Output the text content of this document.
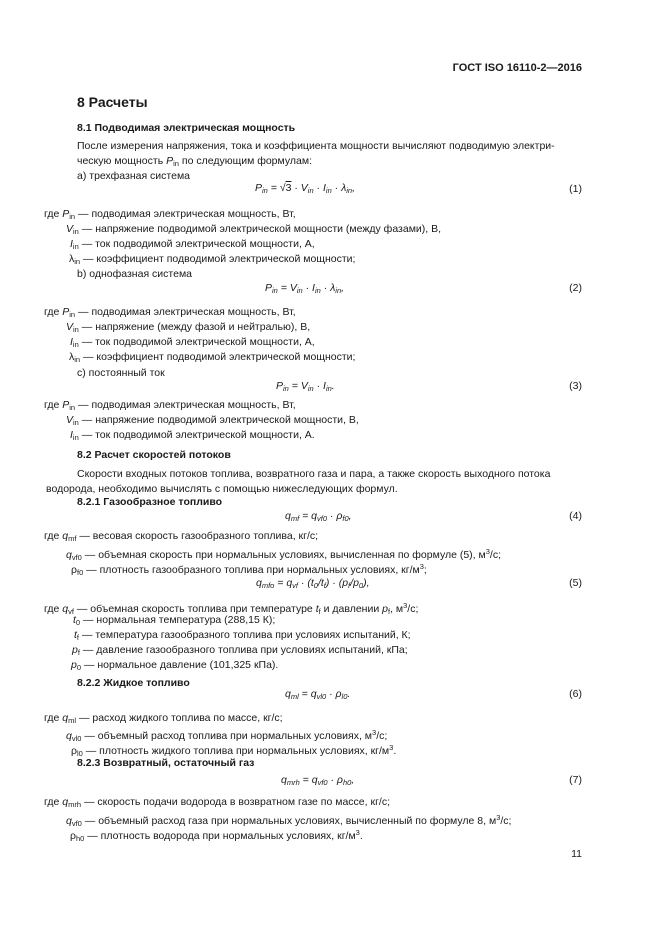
ГОСТ ISO 16110-2—2016
8 Расчеты
8.1 Подводимая электрическая мощность
После измерения напряжения, тока и коэффициента мощности вычисляют подводимую электри-
ческую мощность $P_{in}$ по следующим формулам:
а) трехфазная система
$P_{in} = √3 \cdot V_{in} \cdot I_{in} \cdot \lambda_{in}$,	(1)
где $P_{in}$ — подводимая электрическая мощность, Вт,
$V_{in}$ — напряжение подводимой электрической мощности (между фазами), В,
$I_{in}$ — ток подводимой электрической мощности, А,
$\lambda_{in}$ — коэффициент подводимой электрической мощности;
b) однофазная система
$P_{in} = V_{in} \cdot I_{in} \cdot \lambda_{in}$,	(2)
где $P_{in}$ — подводимая электрическая мощность, Вт,
$V_{in}$ — напряжение (между фазой и нейтралью), В,
$I_{in}$ — ток подводимой электрической мощности, А,
$\lambda_{in}$ — коэффициент подводимой электрической мощности;
с) постоянный ток
$P_{in} = V_{in} \cdot I_{in}$.	(3)
где $P_{in}$ — подводимая электрическая мощность, Вт,
$V_{in}$ — напряжение подводимой электрической мощности, В,
$I_{in}$ — ток подводимой электрической мощности, А.
8.2 Расчет скоростей потоков
Скорости входных потоков топлива, возвратного газа и пара, а также скорость выходного потока
водорода, необходимо вычислять с помощью нижеследующих формул.
8.2.1 Газообразное топливо
$q_{mf} = q_{vf0} \cdot \rho_{f0}$,	(4)
где $q_{mf}$ — весовая скорость газообразного топлива, кг/с;
$q_{vf0}$ — объемная скорость при нормальных условиях, вычисленная по формуле (5), $м^3/с$;
$\rho_{f0}$ — плотность газообразного топлива при нормальных условиях, $кг/м^3$;
$q_{mfo} = q_{vf} \cdot (t_0/t_f) \cdot (p_f/p_0)$,	(5)
где $q_{vf}$ — объемная скорость топлива при температуре $t_f$ и давлении $p_f$, $м^3/с$;
$t_0$ — нормальная температура (288,15 К);
$t_f$ — температура газообразного топлива при условиях испытаний, К;
$p_f$ — давление газообразного топлива при условиях испытаний, кПа;
$p_0$ — нормальное давление (101,325 кПа).
8.2.2 Жидкое топливо
$q_{ml} = q_{vl0} \cdot \rho_{l0}$.	(6)
где $q_{ml}$ — расход жидкого топлива по массе, кг/с;
$q_{vl0}$ — объемный расход топлива при нормальных условиях, $м^3/с$;
$\rho_{l0}$ — плотность жидкого топлива при нормальных условиях, $кг/м^3$.
8.2.3 Возвратный, остаточный газ
$q_{mrh} = q_{vf0} \cdot \rho_{h0}$,	(7)
где $q_{mrh}$ — скорость подачи водорода в возвратном газе по массе, кг/с;
$q_{vf0}$ — объемный расход газа при нормальных условиях, вычисленный по формуле 8, $м^3/с$;
$\rho_{h0}$ — плотность водорода при нормальных условиях, $кг/м^3$.
11
